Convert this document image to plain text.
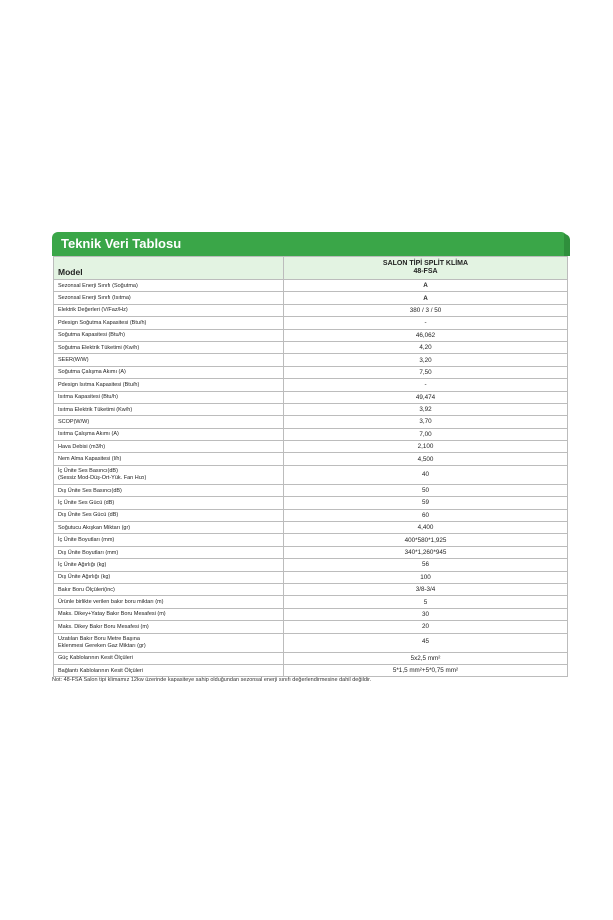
Teknik Veri Tablosu
Model	SALON TİPİ SPLİT KLİMA
48-FSA

Sezonsal Enerji Sınıfı (Soğutma)	A

Sezonsal Enerji Sınıfı (Isıtma)	A

Elektrik Değerleri (V/Faz/Hz)	380 / 3 / 50

Pdesign Soğutma Kapasitesi (Btu/h)	-

Soğutma Kapasitesi (Btu/h)	46,062

Soğutma Elektrik Tüketimi (Kw/h)	4,20

SEER(W/W)	3,20

Soğutma Çalışma Akımı (A)	7,50

Pdesign Isıtma Kapasitesi (Btu/h)	-

Isıtma Kapasitesi (Btu/h)	49,474

Isıtma Elektrik Tüketimi (Kw/h)	3,92

SCOP(W/W)	3,70

Isıtma Çalışma Akımı (A)	7,00

Hava Debisi (m3/h)	2,100

Nem Alma Kapasitesi (l/h)	4,500

İç Ünite Ses Basıncı(dB)
(Sessiz Mod-Düş-Ort-Yük. Fan Hızı)	40

Dış Ünite Ses Basıncı(dB)	50

İç Ünite Ses Gücü (dB)	59

Dış Ünite Ses Gücü (dB)	60

Soğutucu Akışkan Miktarı (gr)	4,400

İç Ünite Boyutları (mm)	400*580*1,925

Dış Ünite Boyutları (mm)	340*1,260*945

İç Ünite Ağırlığı (kg)	56

Dış Ünite Ağırlığı (kg)	100

Bakır Boru Ölçüleri(inc)	3/8-3/4

Ürünle birlikte verilen bakır boru miktarı (m)	5

Maks. Dikey+Yatay Bakır Boru Mesafesi (m)	30

Maks. Dikey Bakır Boru Mesafesi (m)	20

Uzatılan Bakır Boru Metre Başına
Eklenmesi Gereken Gaz Miktarı (gr)	45

Güç Kablolarının Kesit Ölçüleri	5x2,5 mm²

Bağlantı Kablolarının Kesit Ölçüleri	5*1,5 mm²+5*0,75 mm²
Not: 48-FSA Salon tipi klimamız 12kw üzerinde kapasiteye sahip olduğundan sezonsal enerji sınıfı değerlendirmesine dahil değildir.
